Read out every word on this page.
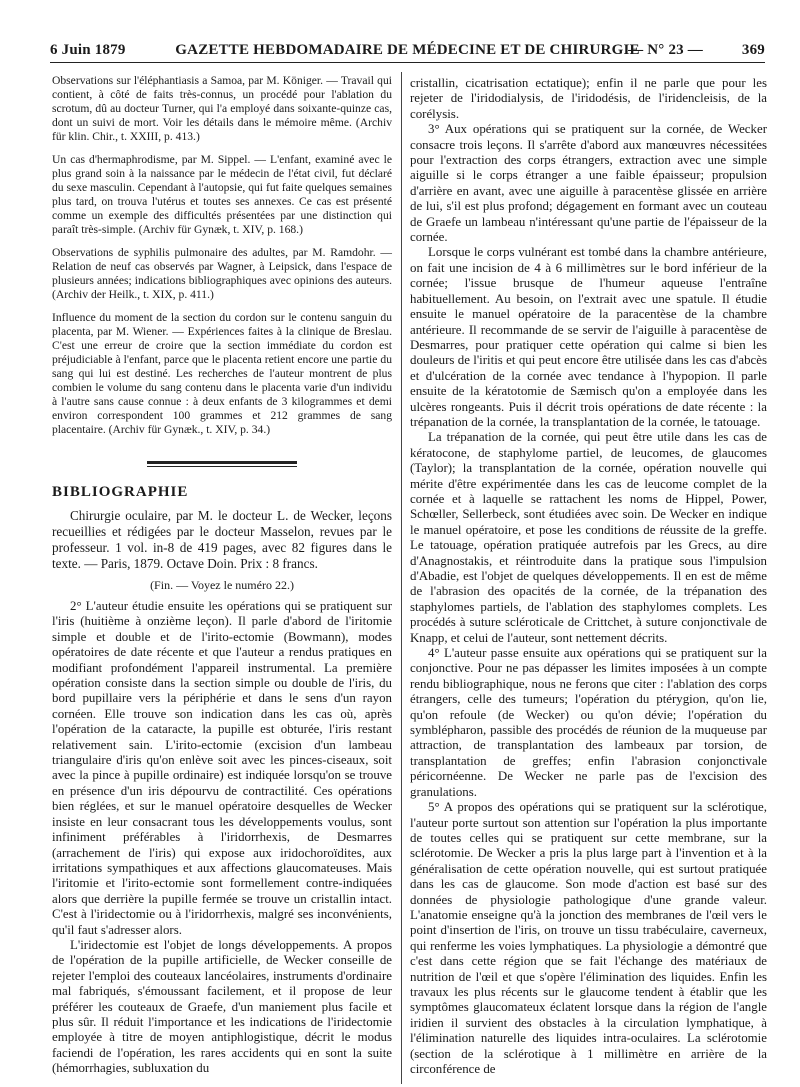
6 Juin 1879	GAZETTE HEBDOMADAIRE DE MÉDECINE ET DE CHIRURGIE
— N° 23 —	369

Observations sur l'éléphantiasis a Samoa, par M. Königer. — Travail qui contient, à côté de faits très-connus, un procédé pour l'ablation du scrotum, dû au docteur Turner, qui l'a employé dans soixante-quinze cas, dont un suivi de mort. Voir les détails dans le mémoire même. (Archiv für klin. Chir., t. XXIII, p. 413.)

Un cas d'hermaphrodisme, par M. Sippel. — L'enfant, examiné avec le plus grand soin à la naissance par le médecin de l'état civil, fut déclaré du sexe masculin. Cependant à l'autopsie, qui fut faite quelques semaines plus tard, on trouva l'utérus et toutes ses annexes. Ce cas est présenté comme un exemple des difficultés présentées par une distinction qui paraît très-simple. (Archiv für Gynæk, t. XIV, p. 168.)

Observations de syphilis pulmonaire des adultes, par M. Ramdohr. — Relation de neuf cas observés par Wagner, à Leipsick, dans l'espace de plusieurs années; indications bibliographiques avec opinions des auteurs. (Archiv der Heilk., t. XIX, p. 411.)

Influence du moment de la section du cordon sur le contenu sanguin du placenta, par M. Wiener. — Expériences faites à la clinique de Breslau. C'est une erreur de croire que la section immédiate du cordon est préjudiciable à l'enfant, parce que le placenta retient encore une partie du sang qui lui est destiné. Les recherches de l'auteur montrent de plus combien le volume du sang contenu dans le placenta varie d'un individu à l'autre sans cause connue : à deux enfants de 3 kilogrammes et demi environ correspondent 100 grammes et 212 grammes de sang placentaire. (Archiv für Gynæk., t. XIV, p. 34.)

BIBLIOGRAPHIE

Chirurgie oculaire, par M. le docteur L. de Wecker, leçons recueillies et rédigées par le docteur Masselon, revues par le professeur. 1 vol. in-8 de 419 pages, avec 82 figures dans le texte. — Paris, 1879. Octave Doin. Prix : 8 francs.

(Fin. — Voyez le numéro 22.)

2° L'auteur étudie ensuite les opérations qui se pratiquent sur l'iris (huitième à onzième leçon). Il parle d'abord de l'iritomie simple et double et de l'irito-ectomie (Bowmann), modes opératoires de date récente et que l'auteur a rendus pratiques en modifiant profondément l'appareil instrumental. La première opération consiste dans la section simple ou double de l'iris, du bord pupillaire vers la périphérie et dans le sens d'un rayon cornéen. Elle trouve son indication dans les cas où, après l'opération de la cataracte, la pupille est obturée, l'iris restant relativement sain. L'irito-ectomie (excision d'un lambeau triangulaire d'iris qu'on enlève soit avec les pinces-ciseaux, soit avec la pince à pupille ordinaire) est indiquée lorsqu'on se trouve en présence d'un iris dépourvu de contractilité. Ces opérations bien réglées, et sur le manuel opératoire desquelles de Wecker insiste en leur consacrant tous les développements voulus, sont infiniment préférables à l'iridorrhexis, de Desmarres (arrachement de l'iris) qui expose aux iridochoroïdites, aux irritations sympathiques et aux affections glaucomateuses. Mais l'iritomie et l'irito-ectomie sont formellement contre-indiquées alors que derrière la pupille fermée se trouve un cristallin intact. C'est à l'iridectomie ou à l'iridorrhexis, malgré ses inconvénients, qu'il faut s'adresser alors.

L'iridectomie est l'objet de longs développements. A propos de l'opération de la pupille artificielle, de Wecker conseille de rejeter l'emploi des couteaux lancéolaires, instruments d'ordinaire mal fabriqués, s'émoussant facilement, et il propose de leur préférer les couteaux de Graefe, d'un maniement plus facile et plus sûr. Il réduit l'importance et les indications de l'iridectomie employée à titre de moyen antiphlogistique, décrit le modus faciendi de l'opération, les rares accidents qui en sont la suite (hémorrhagies, subluxation du

cristallin, cicatrisation ectatique); enfin il ne parle que pour les rejeter de l'iridodialysis, de l'iridodésis, de l'iridencleisis, de la corélysis.

3° Aux opérations qui se pratiquent sur la cornée, de Wecker consacre trois leçons. Il s'arrête d'abord aux manœuvres nécessitées pour l'extraction des corps étrangers, extraction avec une simple aiguille si le corps étranger a une faible épaisseur; propulsion d'arrière en avant, avec une aiguille à paracentèse glissée en arrière de lui, s'il est plus profond; dégagement en formant avec un couteau de Graefe un lambeau n'intéressant qu'une partie de l'épaisseur de la cornée.

Lorsque le corps vulnérant est tombé dans la chambre antérieure, on fait une incision de 4 à 6 millimètres sur le bord inférieur de la cornée; l'issue brusque de l'humeur aqueuse l'entraîne habituellement. Au besoin, on l'extrait avec une spatule. Il étudie ensuite le manuel opératoire de la paracentèse de la chambre antérieure. Il recommande de se servir de l'aiguille à paracentèse de Desmarres, pour pratiquer cette opération qui calme si bien les douleurs de l'iritis et qui peut encore être utilisée dans les cas d'abcès et d'ulcération de la cornée avec tendance à l'hypopion. Il parle ensuite de la kératotomie de Sæmisch qu'on a employée dans les ulcères rongeants. Puis il décrit trois opérations de date récente : la trépanation de la cornée, la transplantation de la cornée, le tatouage.

La trépanation de la cornée, qui peut être utile dans les cas de kératocone, de staphylome partiel, de leucomes, de glaucomes (Taylor); la transplantation de la cornée, opération nouvelle qui mérite d'être expérimentée dans les cas de leucome complet de la cornée et à laquelle se rattachent les noms de Hippel, Power, Schœller, Sellerbeck, sont étudiées avec soin. De Wecker en indique le manuel opératoire, et pose les conditions de réussite de la greffe. Le tatouage, opération pratiquée autrefois par les Grecs, au dire d'Anagnostakis, et réintroduite dans la pratique sous l'impulsion d'Abadie, est l'objet de quelques développements. Il en est de même de l'abrasion des opacités de la cornée, de la trépanation des staphylomes partiels, de l'ablation des staphylomes complets. Les procédés à suture scléroticale de Crittchet, à suture conjonctivale de Knapp, et celui de l'auteur, sont nettement décrits.

4° L'auteur passe ensuite aux opérations qui se pratiquent sur la conjonctive. Pour ne pas dépasser les limites imposées à un compte rendu bibliographique, nous ne ferons que citer : l'ablation des corps étrangers, celle des tumeurs; l'opération du ptérygion, qu'on lie, qu'on refoule (de Wecker) ou qu'on dévie; l'opération du symblépharon, passible des procédés de réunion de la muqueuse par attraction, de transplantation des lambeaux par torsion, de transplantation de greffes; enfin l'abrasion conjonctivale péricornéenne. De Wecker ne parle pas de l'excision des granulations.

5° A propos des opérations qui se pratiquent sur la sclérotique, l'auteur porte surtout son attention sur l'opération la plus importante de toutes celles qui se pratiquent sur cette membrane, sur la sclérotomie. De Wecker a pris la plus large part à l'invention et à la généralisation de cette opération nouvelle, qui est surtout pratiquée dans les cas de glaucome. Son mode d'action est basé sur des données de physiologie pathologique d'une grande valeur. L'anatomie enseigne qu'à la jonction des membranes de l'œil vers le point d'insertion de l'iris, on trouve un tissu trabéculaire, caverneux, qui renferme les voies lymphatiques. La physiologie a démontré que c'est dans cette région que se fait l'échange des matériaux de nutrition de l'œil et que s'opère l'élimination des liquides. Enfin les travaux les plus récents sur le glaucome tendent à établir que les symptômes glaucomateux éclatent lorsque dans la région de l'angle iridien il survient des obstacles à la circulation lymphatique, à l'élimination naturelle des liquides intra-oculaires. La sclérotomie (section de la sclérotique à 1 millimètre en arrière de la circonférence de
